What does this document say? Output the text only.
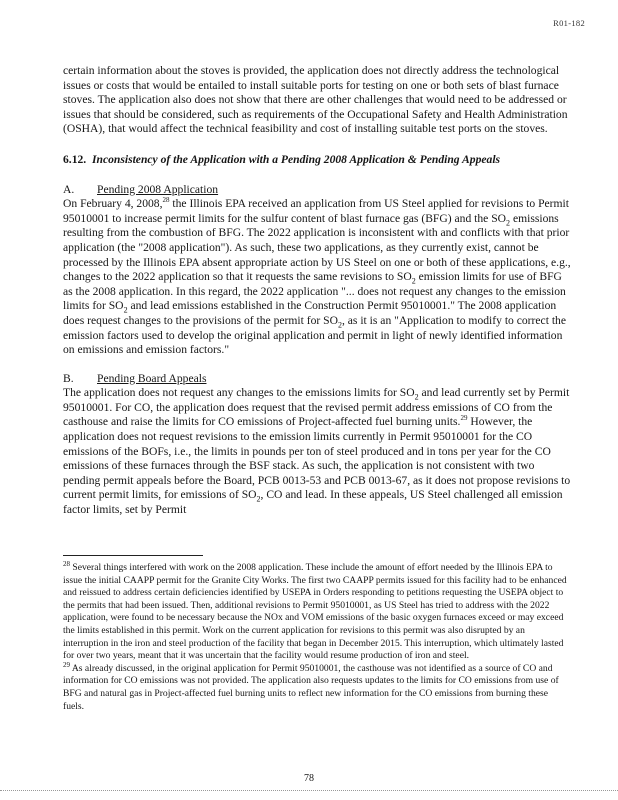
R01-182

certain information about the stoves is provided, the application does not directly address the technological issues or costs that would be entailed to install suitable ports for testing on one or both sets of blast furnace stoves. The application also does not show that there are other challenges that would need to be addressed or issues that should be considered, such as requirements of the Occupational Safety and Health Administration (OSHA), that would affect the technical feasibility and cost of installing suitable test ports on the stoves.

6.12. Inconsistency of the Application with a Pending 2008 Application & Pending Appeals
A. Pending 2008 Application

On February 4, 2008,28 the Illinois EPA received an application from US Steel applied for revisions to Permit 95010001 to increase permit limits for the sulfur content of blast furnace gas (BFG) and the $SO_2$ emissions resulting from the combustion of BFG. The 2022 application is inconsistent with and conflicts with that prior application (the "2008 application"). As such, these two applications, as they currently exist, cannot be processed by the Illinois EPA absent appropriate action by US Steel on one or both of these applications, e.g., changes to the 2022 application so that it requests the same revisions to $SO_2$ emission limits for use of BFG as the 2008 application. In this regard, the 2022 application "... does not request any changes to the emission limits for $SO_2$ and lead emissions established in the Construction Permit 95010001." The 2008 application does request changes to the provisions of the permit for $SO_2$, as it is an "Application to modify to correct the emission factors used to develop the original application and permit in light of newly identified information on emissions and emission factors."

B. Pending Board Appeals

The application does not request any changes to the emissions limits for $SO_2$ and lead currently set by Permit 95010001. For CO, the application does request that the revised permit address emissions of CO from the casthouse and raise the limits for CO emissions of Project-affected fuel burning units.$^{29}$ However, the application does not request revisions to the emission limits currently in Permit 95010001 for the CO emissions of the BOFs, i.e., the limits in pounds per ton of steel produced and in tons per year for the CO emissions of these furnaces through the BSF stack. As such, the application is not consistent with two pending permit appeals before the Board, PCB 0013-53 and PCB 0013-67, as it does not propose revisions to current permit limits, for emissions of $SO_2$, CO and lead. In these appeals, US Steel challenged all emission factor limits, set by Permit

$^{28}$ Several things interfered with work on the 2008 application. These include the amount of effort needed by the Illinois EPA to issue the initial CAAPP permit for the Granite City Works. The first two CAAPP permits issued for this facility had to be enhanced and reissued to address certain deficiencies identified by USEPA in Orders responding to petitions requesting the USEPA object to the permits that had been issued. Then, additional revisions to Permit 95010001, as US Steel has tried to address with the 2022 application, were found to be necessary because the NOx and VOM emissions of the basic oxygen furnaces exceed or may exceed the limits established in this permit. Work on the current application for revisions to this permit was also disrupted by an interruption in the iron and steel production of the facility that began in December 2015. This interruption, which ultimately lasted for over two years, meant that it was uncertain that the facility would resume production of iron and steel.

$^{29}$ As already discussed, in the original application for Permit 95010001, the casthouse was not identified as a source of CO and information for CO emissions was not provided. The application also requests updates to the limits for CO emissions from use of BFG and natural gas in Project-affected fuel burning units to reflect new information for the CO emissions from burning these fuels.

78
